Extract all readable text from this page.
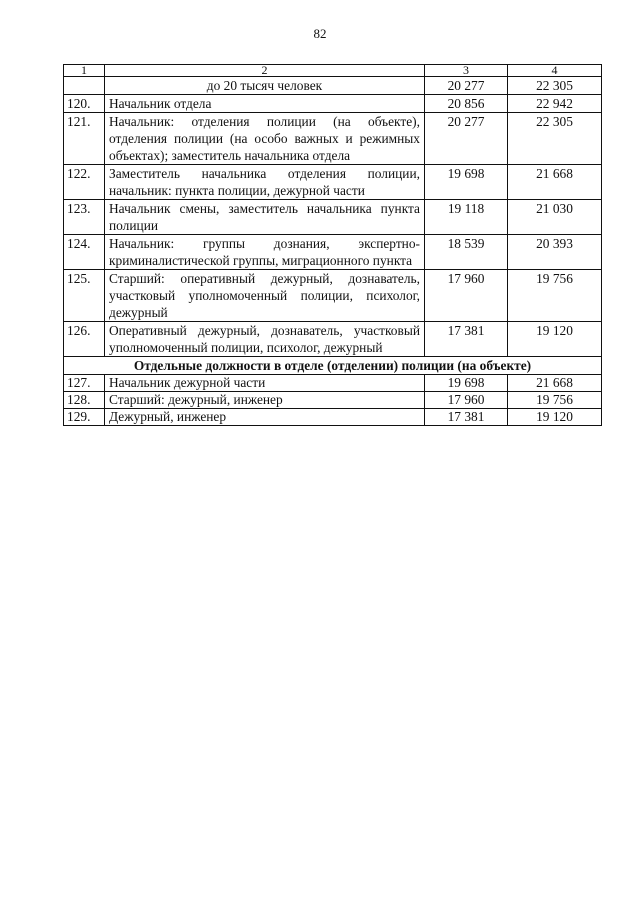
82
1	2	3	4
	до 20 тысяч человек	20 277	22 305
120.	Начальник отдела	20 856	22 942
121.	Начальник: отделения полиции (на объекте), отделения полиции (на особо важных и режимных объектах); заместитель начальника отдела	20 277	22 305
122.	Заместитель начальника отделения полиции, начальник: пункта полиции, дежурной части	19 698	21 668
123.	Начальник смены, заместитель начальника пункта полиции	19 118	21 030
124.	Начальник: группы дознания, экспертно-криминалистической группы, миграционного пункта	18 539	20 393
125.	Старший: оперативный дежурный, дознаватель, участковый уполномоченный полиции, психолог, дежурный	17 960	19 756
126.	Оперативный дежурный, дознаватель, участковый уполномоченный полиции, психолог, дежурный	17 381	19 120
Отдельные должности в отделе (отделении) полиции (на объекте)			
127.	Начальник дежурной части	19 698	21 668
128.	Старший: дежурный, инженер	17 960	19 756
129.	Дежурный, инженер	17 381	19 120
